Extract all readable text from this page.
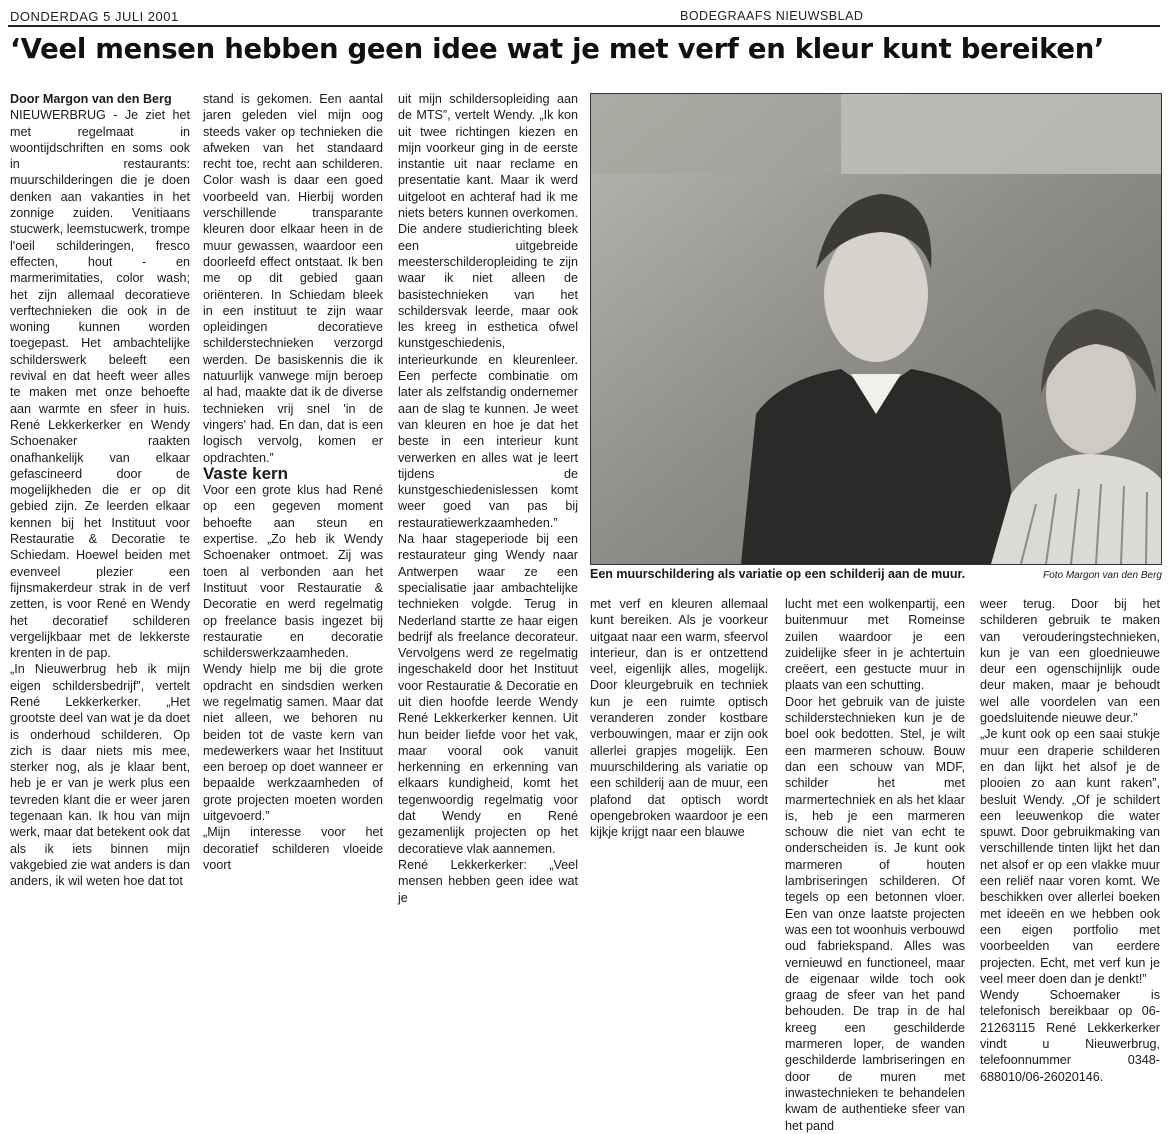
DONDERDAG 5 JULI 2001	BODEGRAAFS NIEUWSBLAD
‘Veel mensen hebben geen idee wat je met verf en kleur kunt bereiken’

Door Margon van den Berg

NIEUWERBRUG - Je ziet het met regelmaat in woontijdschriften en soms ook in restaurants: muurschilderingen die je doen denken aan vakanties in het zonnige zuiden. Venitiaans stucwerk, leemstucwerk, trompe l'oeil schilderingen, fresco effecten, hout - en marmerimitaties, color wash; het zijn allemaal decoratieve verftechnieken die ook in de woning kunnen worden toegepast. Het ambachtelijke schilderswerk beleeft een revival en dat heeft weer alles te maken met onze behoefte aan warmte en sfeer in huis. René Lekkerkerker en Wendy Schoenaker raakten onafhankelijk van elkaar gefascineerd door de mogelijkheden die er op dit gebied zijn. Ze leerden elkaar kennen bij het Instituut voor Restauratie & Decoratie te Schiedam. Hoewel beiden met evenveel plezier een fijnsmakerdeur strak in de verf zetten, is voor René en Wendy het decoratief schilderen vergelijkbaar met de lekkerste krenten in de pap.

„In Nieuwerbrug heb ik mijn eigen schildersbedrijf”, vertelt René Lekkerkerker. „Het grootste deel van wat je da doet is onderhoud schilderen. Op zich is daar niets mis mee, sterker nog, als je klaar bent, heb je er van je werk plus een tevreden klant die er weer jaren tegenaan kan. Ik hou van mijn werk, maar dat betekent ook dat als ik iets binnen mijn vakgebied zie wat anders is dan anders, ik wil weten hoe dat tot

stand is gekomen. Een aantal jaren geleden viel mijn oog steeds vaker op technieken die afweken van het standaard recht toe, recht aan schilderen. Color wash is daar een goed voorbeeld van. Hierbij worden verschillende transparante kleuren door elkaar heen in de muur gewassen, waardoor een doorleefd effect ontstaat. Ik ben me op dit gebied gaan oriënteren. In Schiedam bleek in een instituut te zijn waar opleidingen decoratieve schilderstechnieken verzorgd werden. De basiskennis die ik natuurlijk vanwege mijn beroep al had, maakte dat ik de diverse technieken vrij snel 'in de vingers' had. En dan, dat is een logisch vervolg, komen er opdrachten.”

Vaste kern

Voor een grote klus had René op een gegeven moment behoefte aan steun en expertise. „Zo heb ik Wendy Schoenaker ontmoet. Zij was toen al verbonden aan het Instituut voor Restauratie & Decoratie en werd regelmatig op freelance basis ingezet bij restauratie en decoratie schilderswerkzaamheden. Wendy hielp me bij die grote opdracht en sindsdien werken we regelmatig samen. Maar dat niet alleen, we behoren nu beiden tot de vaste kern van medewerkers waar het Instituut een beroep op doet wanneer er bepaalde werkzaamheden of grote projecten moeten worden uitgevoerd.”

„Mijn interesse voor het decoratief schilderen vloeide voort

uit mijn schildersopleiding aan de MTS”, vertelt Wendy. „Ik kon uit twee richtingen kiezen en mijn voorkeur ging in de eerste instantie uit naar reclame en presentatie kant. Maar ik werd uitgeloot en achteraf had ik me niets beters kunnen overkomen. Die andere studierichting bleek een uitgebreide meesterschilderopleiding te zijn waar ik niet alleen de basistechnieken van het schildersvak leerde, maar ook les kreeg in esthetica ofwel kunstgeschiedenis, interieurkunde en kleurenleer. Een perfecte combinatie om later als zelfstandig ondernemer aan de slag te kunnen. Je weet van kleuren en hoe je dat het beste in een interieur kunt verwerken en alles wat je leert tijdens de kunstgeschiedenislessen komt weer goed van pas bij restauratiewerkzaamheden.”

Na haar stageperiode bij een restaurateur ging Wendy naar Antwerpen waar ze een specialisatie jaar ambachtelijke technieken volgde. Terug in Nederland startte ze haar eigen bedrijf als freelance decorateur. Vervolgens werd ze regelmatig ingeschakeld door het Instituut voor Restauratie & Decoratie en uit dien hoofde leerde Wendy René Lekkerkerker kennen. Uit hun beider liefde voor het vak, maar vooral ook vanuit herkenning en erkenning van elkaars kundigheid, komt het tegenwoordig regelmatig voor dat Wendy en René gezamenlijk projecten op het decoratieve vlak aannemen.

René Lekkerkerker: „Veel mensen hebben geen idee wat je

Een muurschildering als variatie op een schilderij aan de muur.	Foto Margon van den Berg

met verf en kleuren allemaal kunt bereiken. Als je voorkeur uitgaat naar een warm, sfeervol interieur, dan is er ontzettend veel, eigenlijk alles, mogelijk. Door kleurgebruik en techniek kun je een ruimte optisch veranderen zonder kostbare verbouwingen, maar er zijn ook allerlei grapjes mogelijk. Een muurschildering als variatie op een schilderij aan de muur, een plafond dat optisch wordt opengebroken waardoor je een kijkje krijgt naar een blauwe

lucht met een wolkenpartij, een buitenmuur met Romeinse zuilen waardoor je een zuidelijke sfeer in je achtertuin creëert, een gestucte muur in plaats van een schutting.

Door het gebruik van de juiste schilderstechnieken kun je de boel ook bedotten. Stel, je wilt een marmeren schouw. Bouw dan een schouw van MDF, schilder het met marmertechniek en als het klaar is, heb je een marmeren schouw die niet van echt te onderscheiden is. Je kunt ook marmeren of houten lambriseringen schilderen. Of tegels op een betonnen vloer. Een van onze laatste projecten was een tot woonhuis verbouwd oud fabriekspand. Alles was vernieuwd en functioneel, maar de eigenaar wilde toch ook graag de sfeer van het pand behouden. De trap in de hal kreeg een geschilderde marmeren loper, de wanden geschilderde lambriseringen en door de muren met inwastechnieken te behandelen kwam de authentieke sfeer van het pand

weer terug. Door bij het schilderen gebruik te maken van verouderingstechnieken, kun je van een gloednieuwe deur een ogenschijnlijk oude deur maken, maar je behoudt wel alle voordelen van een goedsluitende nieuwe deur.”

„Je kunt ook op een saai stukje muur een draperie schilderen en dan lijkt het alsof je de plooien zo aan kunt raken”, besluit Wendy. „Of je schildert een leeuwenkop die water spuwt. Door gebruikmaking van verschillende tinten lijkt het dan net alsof er op een vlakke muur een reliëf naar voren komt. We beschikken over allerlei boeken met ideeën en we hebben ook een eigen portfolio met voorbeelden van eerdere projecten. Echt, met verf kun je veel meer doen dan je denkt!”

Wendy Schoemaker is telefonisch bereikbaar op 06-21263115 René Lekkerkerker vindt u Nieuwerbrug, telefoonnummer 0348-688010/06-26020146.
